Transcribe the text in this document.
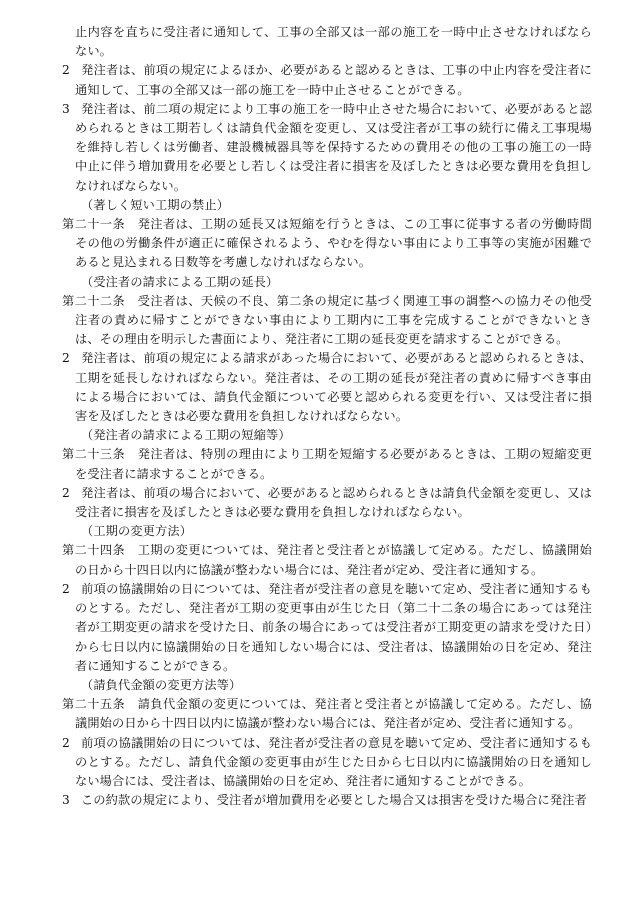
止内容を直ちに受注者に通知して、工事の全部又は一部の施工を一時中止させなければならない。

2 発注者は、前項の規定によるほか、必要があると認めるときは、工事の中止内容を受注者に通知して、工事の全部又は一部の施工を一時中止させることができる。

3 発注者は、前二項の規定により工事の施工を一時中止させた場合において、必要があると認められるときは工期若しくは請負代金額を変更し、又は受注者が工事の続行に備え工事現場を維持し若しくは労働者、建設機械器具等を保持するための費用その他の工事の施工の一時中止に伴う増加費用を必要とし若しくは受注者に損害を及ぼしたときは必要な費用を負担しなければならない。

（著しく短い工期の禁止）

第二十一条　発注者は、工期の延長又は短縮を行うときは、この工事に従事する者の労働時間その他の労働条件が適正に確保されるよう、やむを得ない事由により工事等の実施が困難であると見込まれる日数等を考慮しなければならない。

（受注者の請求による工期の延長）

第二十二条　受注者は、天候の不良、第二条の規定に基づく関連工事の調整への協力その他受注者の責めに帰すことができない事由により工期内に工事を完成することができないときは、その理由を明示した書面により、発注者に工期の延長変更を請求することができる。

2 発注者は、前項の規定による請求があった場合において、必要があると認められるときは、工期を延長しなければならない。発注者は、その工期の延長が発注者の責めに帰すべき事由による場合においては、請負代金額について必要と認められる変更を行い、又は受注者に損害を及ぼしたときは必要な費用を負担しなければならない。

（発注者の請求による工期の短縮等）

第二十三条　発注者は、特別の理由により工期を短縮する必要があるときは、工期の短縮変更を受注者に請求することができる。

2 発注者は、前項の場合において、必要があると認められるときは請負代金額を変更し、又は受注者に損害を及ぼしたときは必要な費用を負担しなければならない。

（工期の変更方法）

第二十四条　工期の変更については、発注者と受注者とが協議して定める。ただし、協議開始の日から十四日以内に協議が整わない場合には、発注者が定め、受注者に通知する。

2 前項の協議開始の日については、発注者が受注者の意見を聴いて定め、受注者に通知するものとする。ただし、発注者が工期の変更事由が生じた日（第二十二条の場合にあっては発注者が工期変更の請求を受けた日、前条の場合にあっては受注者が工期変更の請求を受けた日）から七日以内に協議開始の日を通知しない場合には、受注者は、協議開始の日を定め、発注者に通知することができる。

（請負代金額の変更方法等）

第二十五条　請負代金額の変更については、発注者と受注者とが協議して定める。ただし、協議開始の日から十四日以内に協議が整わない場合には、発注者が定め、受注者に通知する。

2 前項の協議開始の日については、発注者が受注者の意見を聴いて定め、受注者に通知するものとする。ただし、請負代金額の変更事由が生じた日から七日以内に協議開始の日を通知しない場合には、受注者は、協議開始の日を定め、発注者に通知することができる。

3 この約款の規定により、受注者が増加費用を必要とした場合又は損害を受けた場合に発注者
